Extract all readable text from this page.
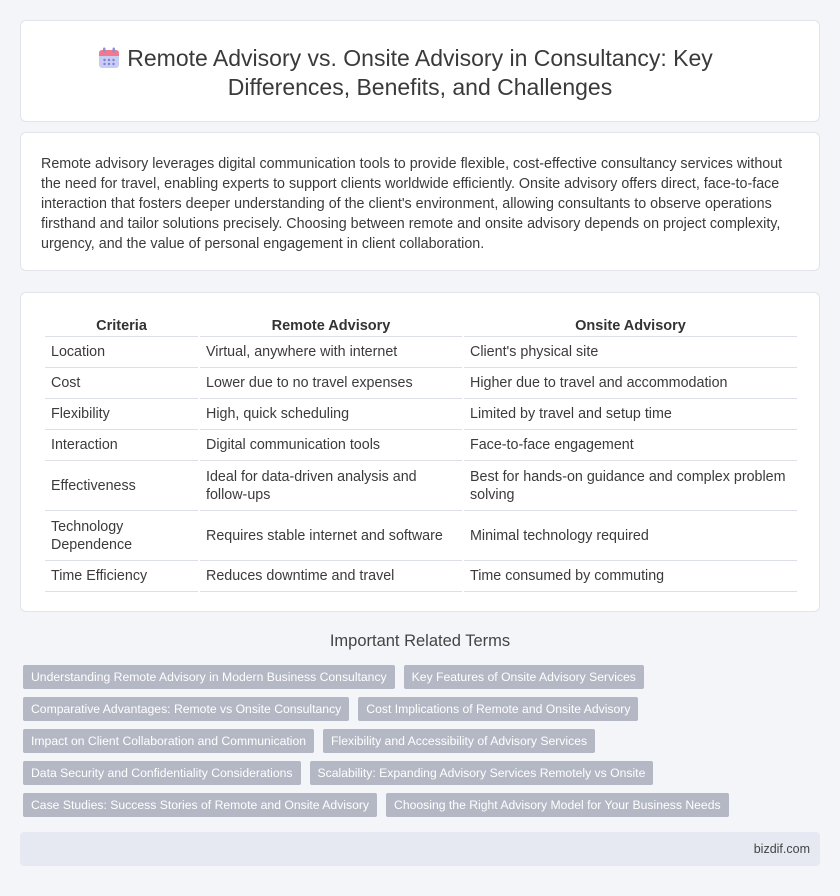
Remote Advisory vs. Onsite Advisory in Consultancy: Key Differences, Benefits, and Challenges

Remote advisory leverages digital communication tools to provide flexible, cost-effective consultancy services without the need for travel, enabling experts to support clients worldwide efficiently. Onsite advisory offers direct, face-to-face interaction that fosters deeper understanding of the client's environment, allowing consultants to observe operations firsthand and tailor solutions precisely. Choosing between remote and onsite advisory depends on project complexity, urgency, and the value of personal engagement in client collaboration.

Criteria	Remote Advisory	Onsite Advisory
Location	Virtual, anywhere with internet	Client's physical site
Cost	Lower due to no travel expenses	Higher due to travel and accommodation
Flexibility	High, quick scheduling	Limited by travel and setup time
Interaction	Digital communication tools	Face-to-face engagement
Effectiveness	Ideal for data-driven analysis and follow-ups	Best for hands-on guidance and complex problem solving
Technology Dependence	Requires stable internet and software	Minimal technology required
Time Efficiency	Reduces downtime and travel	Time consumed by commuting
Important Related Terms
Understanding Remote Advisory in Modern Business Consultancy	Key Features of Onsite Advisory Services
Comparative Advantages: Remote vs Onsite Consultancy	Cost Implications of Remote and Onsite Advisory
Impact on Client Collaboration and Communication	Flexibility and Accessibility of Advisory Services
Data Security and Confidentiality Considerations	Scalability: Expanding Advisory Services Remotely vs Onsite
Case Studies: Success Stories of Remote and Onsite Advisory	Choosing the Right Advisory Model for Your Business Needs
bizdif.com
